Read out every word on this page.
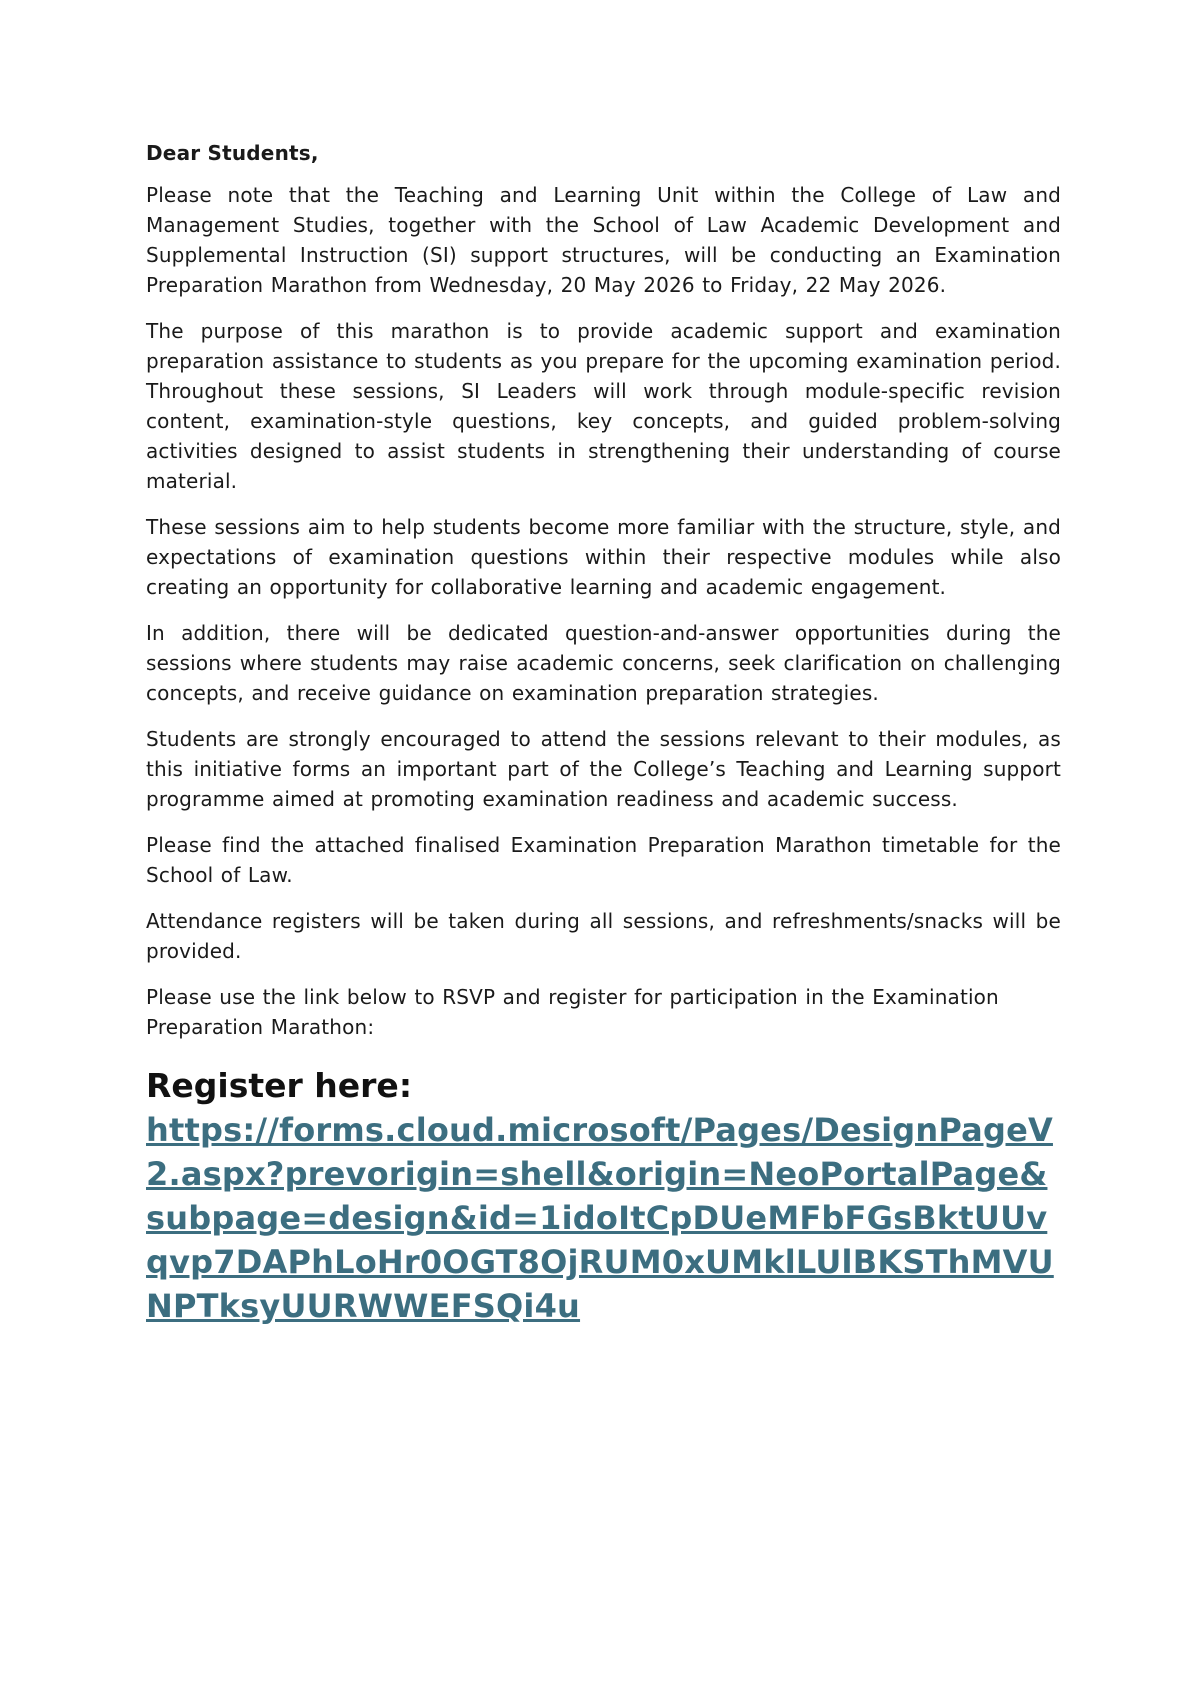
Dear Students,

Please note that the Teaching and Learning Unit within the College of Law and Management Studies, together with the School of Law Academic Development and Supplemental Instruction (SI) support structures, will be conducting an Examination Preparation Marathon from Wednesday, 20 May 2026 to Friday, 22 May 2026.

The purpose of this marathon is to provide academic support and examination preparation assistance to students as you prepare for the upcoming examination period. Throughout these sessions, SI Leaders will work through module-specific revision content, examination-style questions, key concepts, and guided problem-solving activities designed to assist students in strengthening their understanding of course material.

These sessions aim to help students become more familiar with the structure, style, and expectations of examination questions within their respective modules while also creating an opportunity for collaborative learning and academic engagement.

In addition, there will be dedicated question-and-answer opportunities during the sessions where students may raise academic concerns, seek clarification on challenging concepts, and receive guidance on examination preparation strategies.

Students are strongly encouraged to attend the sessions relevant to their modules, as this initiative forms an important part of the College’s Teaching and Learning support programme aimed at promoting examination readiness and academic success.

Please find the attached finalised Examination Preparation Marathon timetable for the School of Law.

Attendance registers will be taken during all sessions, and refreshments/snacks will be provided.

Please use the link below to RSVP and register for participation in the Examination Preparation Marathon:

Register here:
https://forms.cloud.microsoft/Pages/DesignPageV2.aspx?prevorigin=shell&origin=NeoPortalPage&subpage=design&id=1idoItCpDUeMFbFGsBktUUvqvp7DAPhLoHr0OGT8OjRUM0xUMklLUlBKSThMVUNPTksyUURWWEFSQi4u
